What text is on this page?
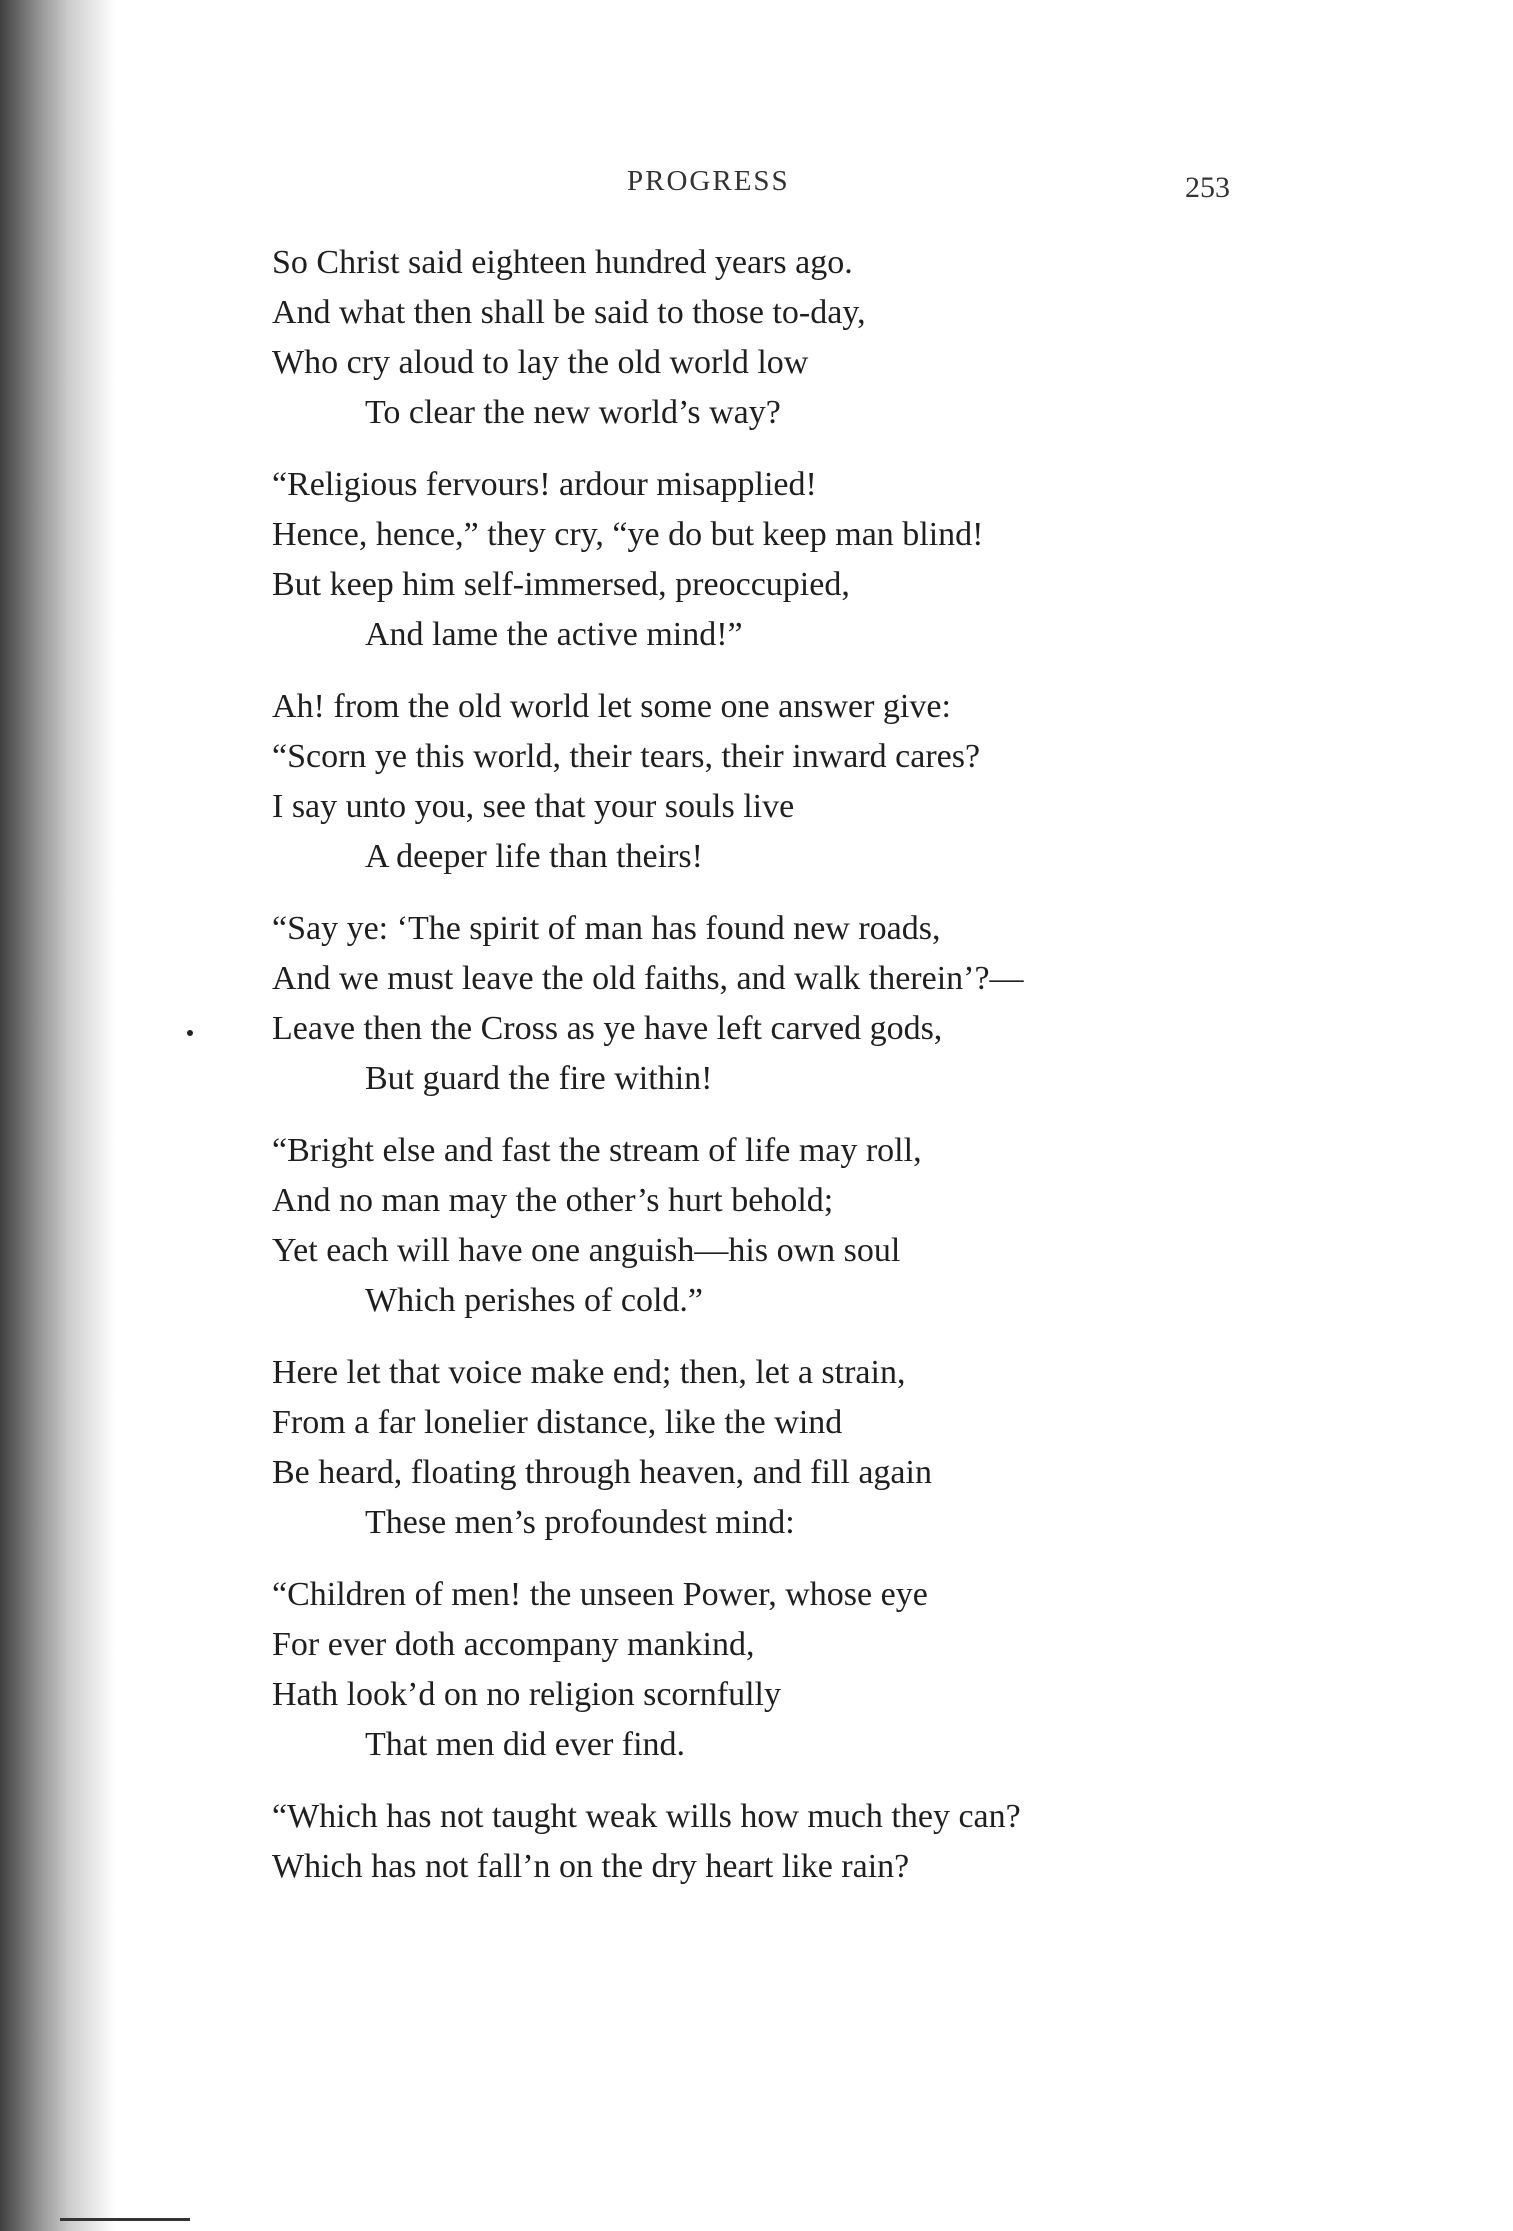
PROGRESS	253
So Christ said eighteen hundred years ago.
And what then shall be said to those to-day,
Who cry aloud to lay the old world low
To clear the new world’s way?
“Religious fervours! ardour misapplied!
Hence, hence,” they cry, “ye do but keep man blind!
But keep him self-immersed, preoccupied,
And lame the active mind!”
Ah! from the old world let some one answer give:
“Scorn ye this world, their tears, their inward cares?
I say unto you, see that your souls live
A deeper life than theirs!
“Say ye: ‘The spirit of man has found new roads,
And we must leave the old faiths, and walk therein’?—
Leave then the Cross as ye have left carved gods,
But guard the fire within!
“Bright else and fast the stream of life may roll,
And no man may the other’s hurt behold;
Yet each will have one anguish—his own soul
Which perishes of cold.”
Here let that voice make end; then, let a strain,
From a far lonelier distance, like the wind
Be heard, floating through heaven, and fill again
These men’s profoundest mind:
“Children of men! the unseen Power, whose eye
For ever doth accompany mankind,
Hath look’d on no religion scornfully
That men did ever find.
“Which has not taught weak wills how much they can?
Which has not fall’n on the dry heart like rain?
